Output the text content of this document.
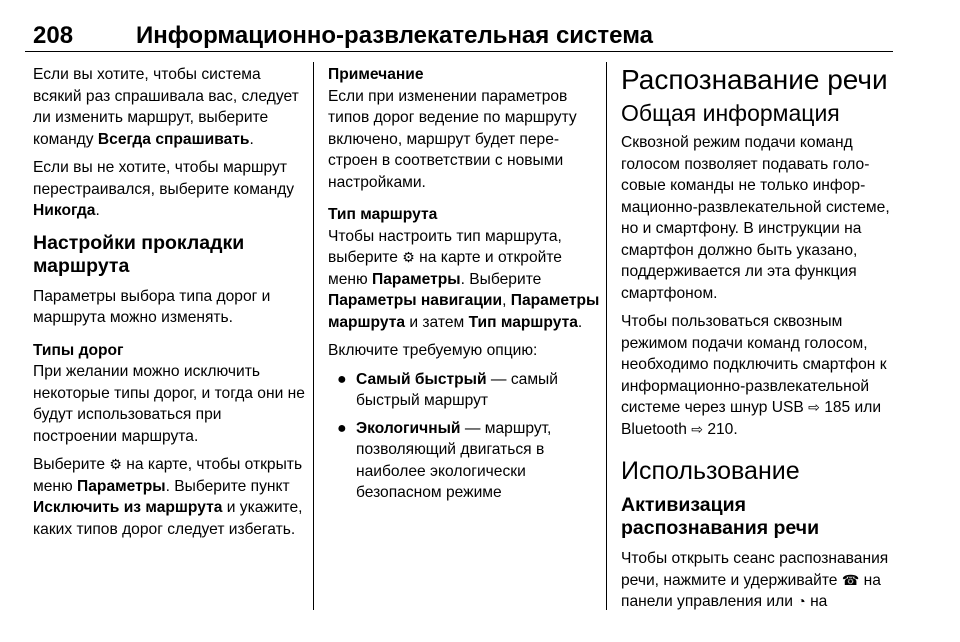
208	Информационно-развлекательная система

Если вы хотите, чтобы система всякий раз спрашивала вас, следует ли изменить маршрут, выберите команду Всегда спрашивать.

Если вы не хотите, чтобы маршрут перестраивался, выберите команду Никогда.

Настройки прокладки маршрута

Параметры выбора типа дорог и маршрута можно изменять.

Типы дорог

При желании можно исключить некоторые типы дорог, и тогда они не будут использоваться при построении маршрута.

Выберите ⚙ на карте, чтобы открыть меню Параметры. Выберите пункт Исключить из маршрута и укажите, каких типов дорог следует избегать.

Примечание

Если при изменении параметров типов дорог ведение по маршруту включено, маршрут будет перестроен в соответствии с новыми настройками.

Тип маршрута

Чтобы настроить тип маршрута, выберите ⚙ на карте и откройте меню Параметры. Выберите Параметры навигации, Параметры маршрута и затем Тип маршрута.

Включите требуемую опцию:

● Самый быстрый — самый быстрый маршрут
● Экологичный — маршрут, позволяющий двигаться в наиболее экологически безопасном режиме
Распознавание речи
Общая информация

Сквозной режим подачи команд голосом позволяет подавать голосовые команды не только информационно-развлекательной системе, но и смартфону. В инструкции на смартфон должно быть указано, поддерживается ли эта функция смартфоном.

Чтобы пользоваться сквозным режимом подачи команд голосом, необходимо подключить смартфон к информационно-развлекательной системе через шнур USB ⇨ 185 или Bluetooth ⇨ 210.

Использование
Активизация распознавания речи

Чтобы открыть сеанс распознавания речи, нажмите и удерживайте ☎ на панели управления или ◔ на
